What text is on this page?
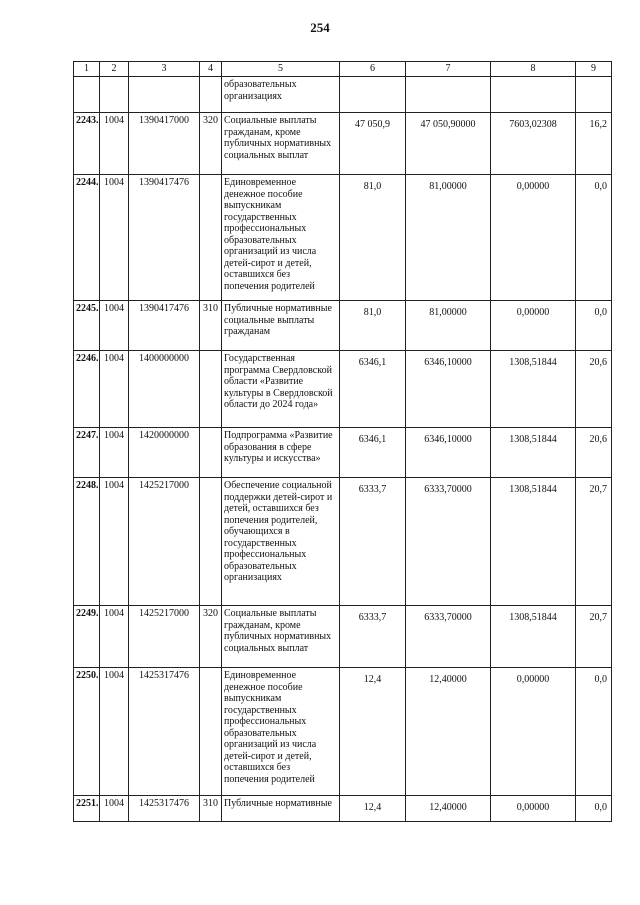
254
1	2	3	4	5	6	7	8	9
				образовательных организациях				
2243.	1004	1390417000	320	Социальные выплаты гражданам, кроме публичных нормативных социальных выплат	47 050,9	47 050,90000	7603,02308	16,2
2244.	1004	1390417476		Единовременное денежное пособие выпускникам государственных профессиональных образовательных организаций из числа детей-сирот и детей, оставшихся без попечения родителей	81,0	81,00000	0,00000	0,0
2245.	1004	1390417476	310	Публичные нормативные социальные выплаты гражданам	81,0	81,00000	0,00000	0,0
2246.	1004	1400000000		Государственная программа Свердловской области «Развитие культуры в Свердловской области до 2024 года»	6346,1	6346,10000	1308,51844	20,6
2247.	1004	1420000000		Подпрограмма «Развитие образования в сфере культуры и искусства»	6346,1	6346,10000	1308,51844	20,6
2248.	1004	1425217000		Обеспечение социальной поддержки детей-сирот и детей, оставшихся без попечения родителей, обучающихся в государственных профессиональных образовательных организациях	6333,7	6333,70000	1308,51844	20,7
2249.	1004	1425217000	320	Социальные выплаты гражданам, кроме публичных нормативных социальных выплат	6333,7	6333,70000	1308,51844	20,7
2250.	1004	1425317476		Единовременное денежное пособие выпускникам государственных профессиональных образовательных организаций из числа детей-сирот и детей, оставшихся без попечения родителей	12,4	12,40000	0,00000	0,0
2251.	1004	1425317476	310	Публичные нормативные	12,4	12,40000	0,00000	0,0
